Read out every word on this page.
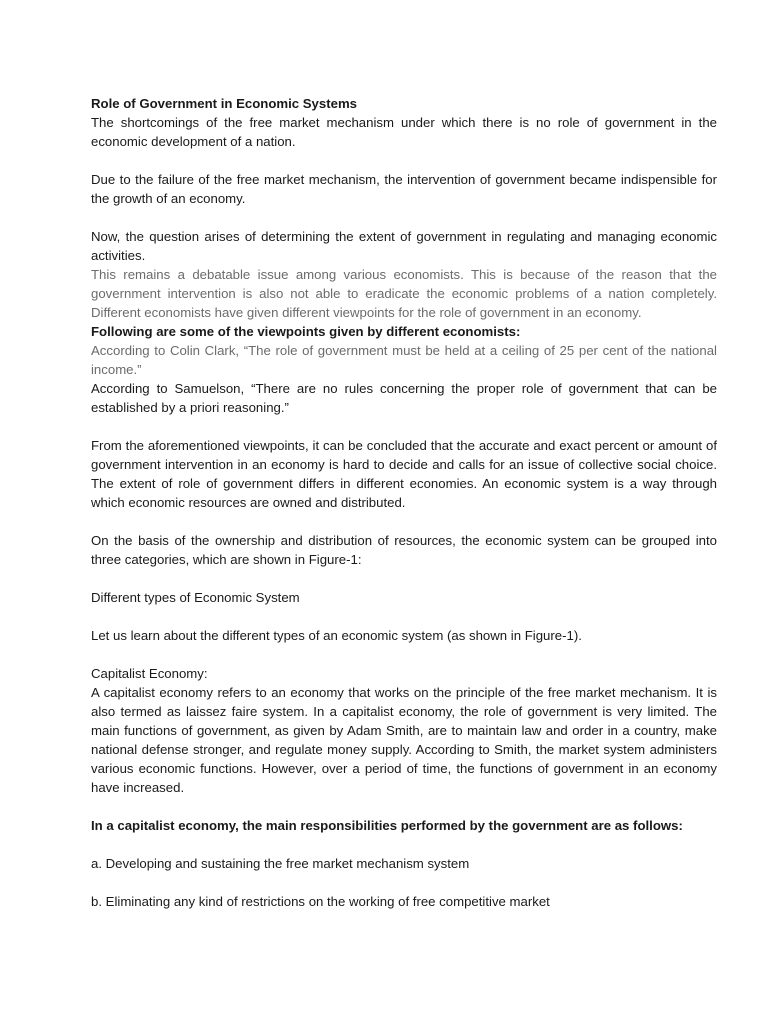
Role of Government in Economic Systems

The shortcomings of the free market mechanism under which there is no role of government in the economic development of a nation.

Due to the failure of the free market mechanism, the intervention of government became indispensible for the growth of an economy.

Now, the question arises of determining the extent of government in regulating and managing economic activities.

This remains a debatable issue among various economists. This is because of the reason that the government intervention is also not able to eradicate the economic problems of a nation completely. Different economists have given different viewpoints for the role of government in an economy.

Following are some of the viewpoints given by different economists:

According to Colin Clark, “The role of government must be held at a ceiling of 25 per cent of the national income.”

According to Samuelson, “There are no rules concerning the proper role of government that can be established by a priori reasoning.”

From the aforementioned viewpoints, it can be concluded that the accurate and exact percent or amount of government intervention in an economy is hard to decide and calls for an issue of collective social choice. The extent of role of government differs in different economies. An economic system is a way through which economic resources are owned and distributed.

On the basis of the ownership and distribution of resources, the economic system can be grouped into three categories, which are shown in Figure-1:

Different types of Economic System

Let us learn about the different types of an economic system (as shown in Figure-1).

Capitalist Economy:

A capitalist economy refers to an economy that works on the principle of the free market mechanism. It is also termed as laissez faire system. In a capitalist economy, the role of government is very limited. The main functions of government, as given by Adam Smith, are to maintain law and order in a country, make national defense stronger, and regulate money supply. According to Smith, the market system administers various economic functions. However, over a period of time, the functions of government in an economy have increased.

In a capitalist economy, the main responsibilities performed by the government are as follows:

a. Developing and sustaining the free market mechanism system

b. Eliminating any kind of restrictions on the working of free competitive market
